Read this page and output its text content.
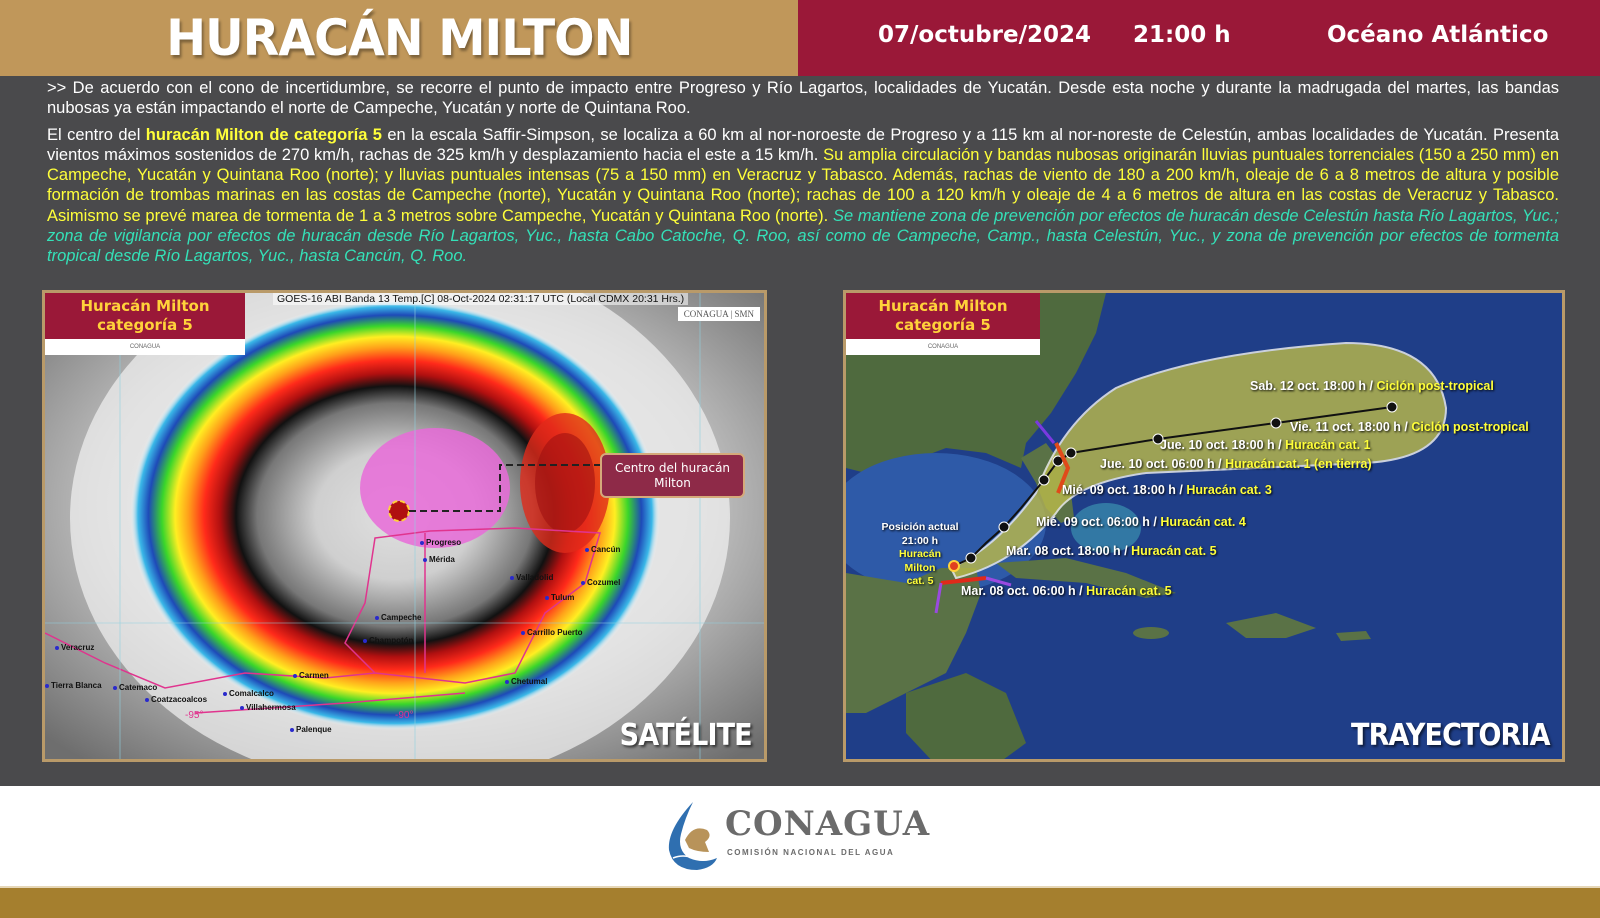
HURACÁN MILTON	07/octubre/2024 21:00 h	Océano Atlántico

>> De acuerdo con el cono de incertidumbre, se recorre el punto de impacto entre Progreso y Río Lagartos, localidades de Yucatán. Desde esta noche y durante la madrugada del martes, las bandas nubosas ya están impactando el norte de Campeche, Yucatán y norte de Quintana Roo.

El centro del huracán Milton de categoría 5 en la escala Saffir-Simpson, se localiza a 60 km al nor-noroeste de Progreso y a 115 km al nor-noreste de Celestún, ambas localidades de Yucatán. Presenta vientos máximos sostenidos de 270 km/h, rachas de 325 km/h y desplazamiento hacia el este a 15 km/h. Su amplia circulación y bandas nubosas originarán lluvias puntuales torrenciales (150 a 250 mm) en Campeche, Yucatán y Quintana Roo (norte); y lluvias puntuales intensas (75 a 150 mm) en Veracruz y Tabasco. Además, rachas de viento de 180 a 200 km/h, oleaje de 6 a 8 metros de altura y posible formación de trombas marinas en las costas de Campeche (norte), Yucatán y Quintana Roo (norte); rachas de 100 a 120 km/h y oleaje de 4 a 6 metros de altura en las costas de Veracruz y Tabasco. Asimismo se prevé marea de tormenta de 1 a 3 metros sobre Campeche, Yucatán y Quintana Roo (norte). Se mantiene zona de prevención por efectos de huracán desde Celestún hasta Río Lagartos, Yuc.; zona de vigilancia por efectos de huracán desde Río Lagartos, Yuc., hasta Cabo Catoche, Q. Roo, así como de Campeche, Camp., hasta Celestún, Yuc., y zona de prevención por efectos de tormenta tropical desde Río Lagartos, Yuc., hasta Cancún, Q. Roo.

-95°	-90°
Progreso
Mérida
Valladolid
Cancún
Cozumel
Tulum
Campeche
Champotón
Carrillo Puerto
Veracruz
Carmen
Tierra Blanca	Catemaco
Coatzacoalcos
Comalcalco
Villahermosa
Chetumal
Palenque
Huracán Milton
categoría 5
CONAGUA
GOES-16 ABI Banda 13 Temp.[C] 08-Oct-2024 02:31:17 UTC (Local CDMX 20:31 Hrs.)
CONAGUA | SMN
Centro del huracán Milton
SATÉLITE
Sab. 12 oct. 18:00 h / Ciclón post-tropical
Vie. 11 oct. 18:00 h / Ciclón post-tropical
Jue. 10 oct. 18:00 h / Huracán cat. 1
Jue. 10 oct. 06:00 h / Huracán cat. 1 (en tierra)
Mié. 09 oct. 18:00 h / Huracán cat. 3
Mié. 09 oct. 06:00 h / Huracán cat. 4
Mar. 08 oct. 18:00 h / Huracán cat. 5
Mar. 08 oct. 06:00 h / Huracán cat. 5
Posición actual
21:00 h
Huracán
Milton
cat. 5
Huracán Milton
categoría 5
CONAGUA
TRAYECTORIA
CONAGUA
COMISIÓN NACIONAL DEL AGUA
